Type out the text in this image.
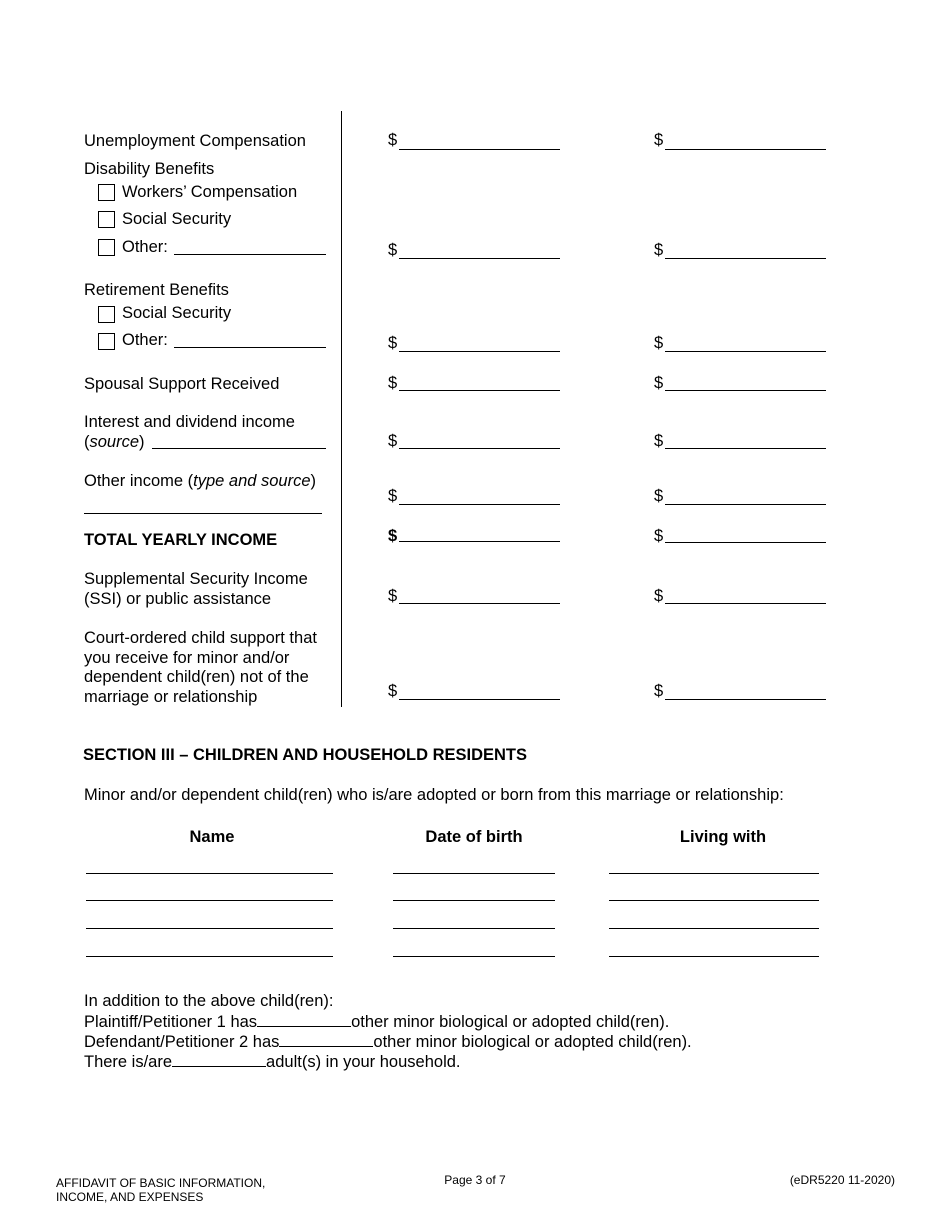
Unemployment Compensation	$	$
Disability Benefits
Workers’ Compensation
Social Security
Other:	$	$
Retirement Benefits
Social Security
Other:	$	$
Spousal Support Received	$	$
Interest and dividend income
(source)	$	$
Other income (type and source)
$	$
TOTAL YEARLY INCOME	$	$
Supplemental Security Income
(SSI) or public assistance	$	$
Court-ordered child support that
you receive for minor and/or
dependent child(ren) not of the
marriage or relationship	$	$
SECTION III – CHILDREN AND HOUSEHOLD RESIDENTS
Minor and/or dependent child(ren) who is/are adopted or born from this marriage or relationship:
Name	Date of birth	Living with
In addition to the above child(ren):
Plaintiff/Petitioner 1 has	other minor biological or adopted child(ren).
Defendant/Petitioner 2 has	other minor biological or adopted child(ren).
There is/are	adult(s) in your household.
AFFIDAVIT OF BASIC INFORMATION,
INCOME, AND EXPENSES
Page 3 of 7	(eDR5220 11-2020)
